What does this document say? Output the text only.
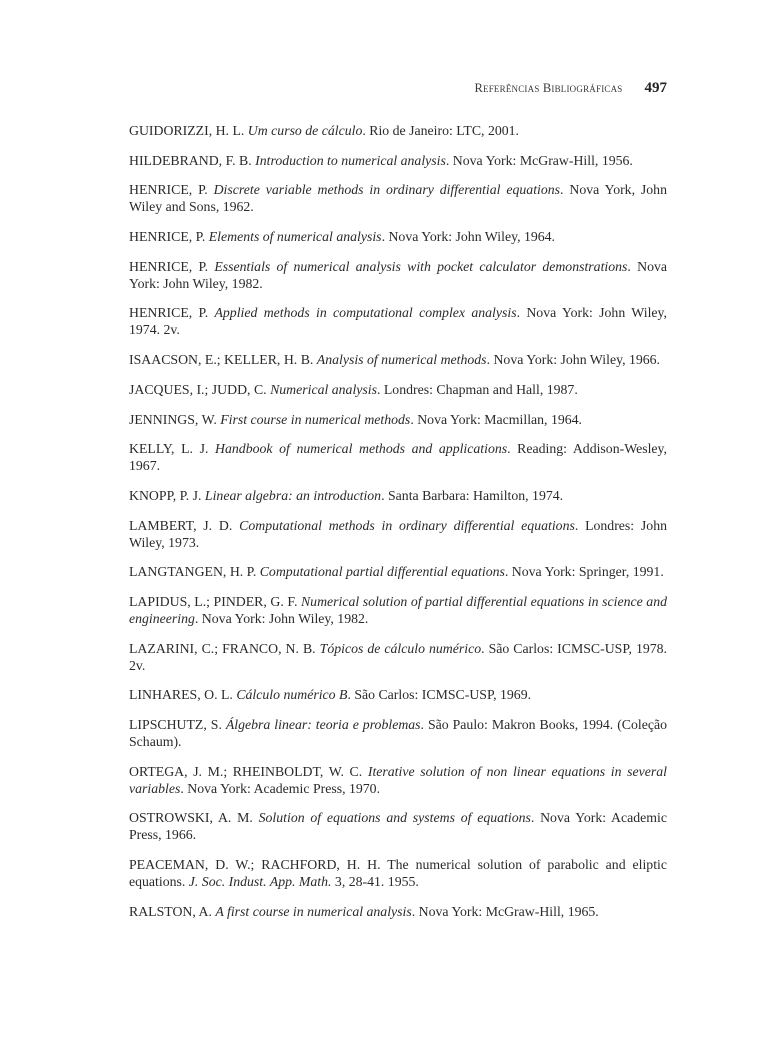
Referências Bibliográficas 497
GUIDORIZZI, H. L. Um curso de cálculo. Rio de Janeiro: LTC, 2001.
HILDEBRAND, F. B. Introduction to numerical analysis. Nova York: McGraw-Hill, 1956.
HENRICE, P. Discrete variable methods in ordinary differential equations. Nova York, John Wiley and Sons, 1962.
HENRICE, P. Elements of numerical analysis. Nova York: John Wiley, 1964.
HENRICE, P. Essentials of numerical analysis with pocket calculator demonstrations. Nova York: John Wiley, 1982.
HENRICE, P. Applied methods in computational complex analysis. Nova York: John Wiley, 1974. 2v.
ISAACSON, E.; KELLER, H. B. Analysis of numerical methods. Nova York: John Wiley, 1966.
JACQUES, I.; JUDD, C. Numerical analysis. Londres: Chapman and Hall, 1987.
JENNINGS, W. First course in numerical methods. Nova York: Macmillan, 1964.
KELLY, L. J. Handbook of numerical methods and applications. Reading: Addison-Wesley, 1967.
KNOPP, P. J. Linear algebra: an introduction. Santa Barbara: Hamilton, 1974.
LAMBERT, J. D. Computational methods in ordinary differential equations. Londres: John Wiley, 1973.
LANGTANGEN, H. P. Computational partial differential equations. Nova York: Springer, 1991.
LAPIDUS, L.; PINDER, G. F. Numerical solution of partial differential equations in science and engineering. Nova York: John Wiley, 1982.
LAZARINI, C.; FRANCO, N. B. Tópicos de cálculo numérico. São Carlos: ICMSC-USP, 1978. 2v.
LINHARES, O. L. Cálculo numérico B. São Carlos: ICMSC-USP, 1969.
LIPSCHUTZ, S. Álgebra linear: teoria e problemas. São Paulo: Makron Books, 1994. (Coleção Schaum).
ORTEGA, J. M.; RHEINBOLDT, W. C. Iterative solution of non linear equations in several variables. Nova York: Academic Press, 1970.
OSTROWSKI, A. M. Solution of equations and systems of equations. Nova York: Academic Press, 1966.
PEACEMAN, D. W.; RACHFORD, H. H. The numerical solution of parabolic and eliptic equations. J. Soc. Indust. App. Math. 3, 28-41. 1955.
RALSTON, A. A first course in numerical analysis. Nova York: McGraw-Hill, 1965.
